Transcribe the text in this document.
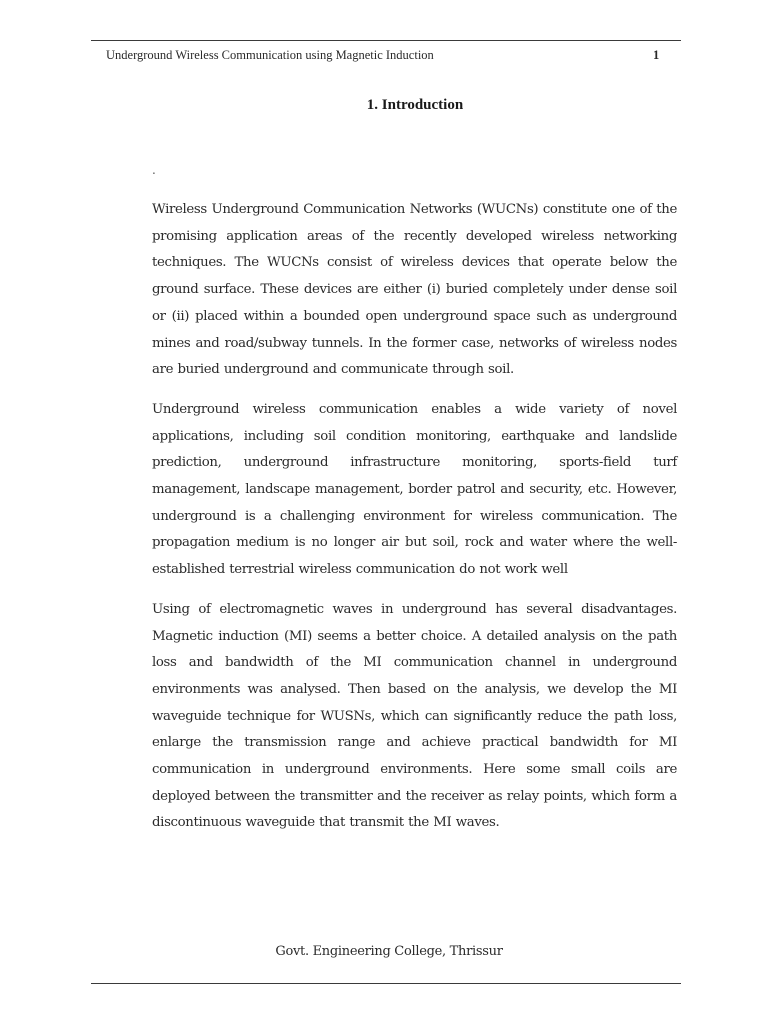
Underground Wireless Communication using Magnetic Induction	1
1. Introduction
.

Wireless Underground Communication Networks (WUCNs) constitute one of the promising application areas of the recently developed wireless networking techniques. The WUCNs consist of wireless devices that operate below the ground surface. These devices are either (i) buried completely under dense soil or (ii) placed within a bounded open underground space such as underground mines and road/subway tunnels. In the former case, networks of wireless nodes are buried underground and communicate through soil.

Underground wireless communication enables a wide variety of novel applications, including soil condition monitoring, earthquake and landslide prediction, underground infrastructure monitoring, sports-field turf management, landscape management, border patrol and security, etc. However, underground is a challenging environment for wireless communication. The propagation medium is no longer air but soil, rock and water where the well-established terrestrial wireless communication do not work well

Using of electromagnetic waves in underground has several disadvantages. Magnetic induction (MI) seems a better choice. A detailed analysis on the path loss and bandwidth of the MI communication channel in underground environments was analysed. Then based on the analysis, we develop the MI waveguide technique for WUSNs, which can significantly reduce the path loss, enlarge the transmission range and achieve practical bandwidth for MI communication in underground environments. Here some small coils are deployed between the transmitter and the receiver as relay points, which form a discontinuous waveguide that transmit the MI waves.

Govt. Engineering College, Thrissur
